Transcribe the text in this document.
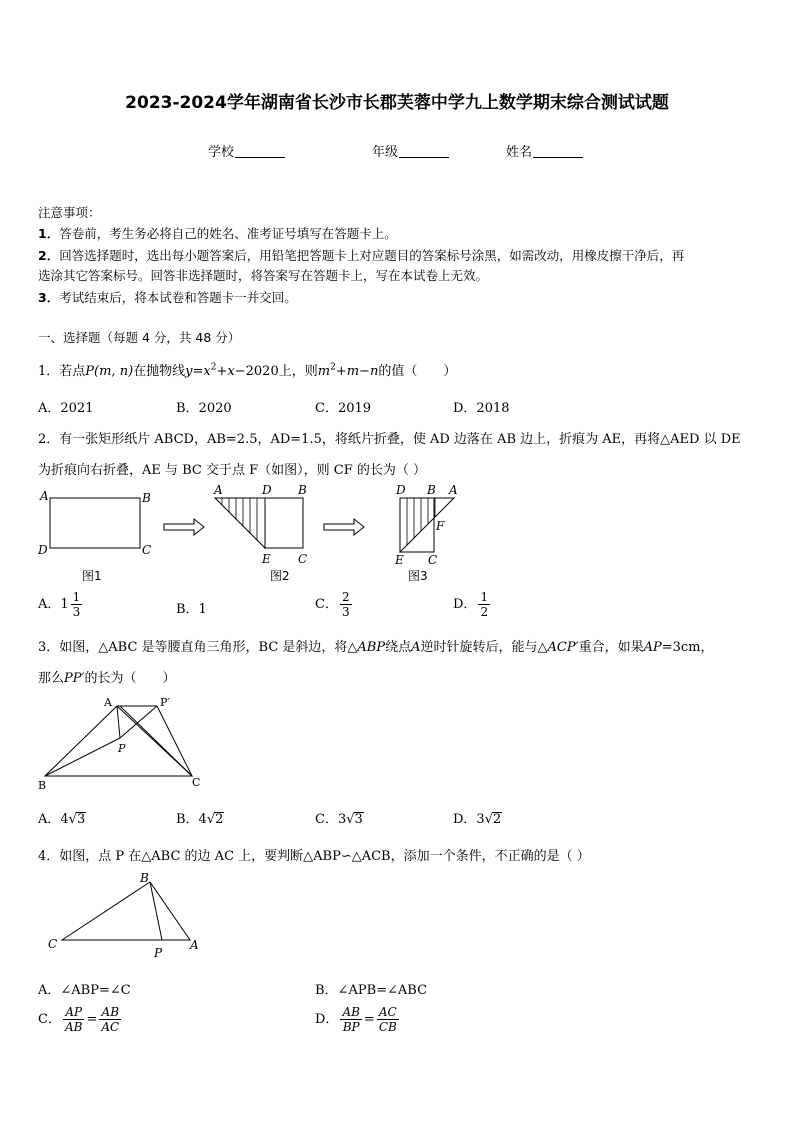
2023-2024学年湖南省长沙市长郡芙蓉中学九上数学期末综合测试试题
学校	年级	姓名
注意事项：
1．答卷前，考生务必将自己的姓名、准考证号填写在答题卡上。
2．回答选择题时，选出每小题答案后，用铅笔把答题卡上对应题目的答案标号涂黑，如需改动，用橡皮擦干净后，再
选涂其它答案标号。回答非选择题时，将答案写在答题卡上，写在本试卷上无效。
3．考试结束后，将本试卷和答题卡一并交回。
一、选择题（每题 4 分，共 48 分）
1．若点P(m, n)在抛物线$y=x^2+x-2020$上，则$m^2+m-n$的值（　　）
A．2021	B．2020	C．2019	D．2018
2．有一张矩形纸片 ABCD，AB=2.5，AD=1.5，将纸片折叠，使 AD 边落在 AB 边上，折痕为 AE，再将△AED 以 DE
为折痕向右折叠，AE 与 BC 交于点 F（如图），则 CF 的长为（ ）
A	B
D	C
图1
A	D B
E C
图2
D B A
F
E C
图3
A．$1 \frac{1}{3}$	B．1	C． $\frac{2}{3}$	D． $\frac{1}{2}$
3．如图，△ABC 是等腰直角三角形，BC 是斜边，将△ABP绕点A逆时针旋转后，能与△ACP′重合，如果AP=3cm，
那么PP′的长为（　　）
A	P′
P
B	C
A．4√3	B．4√2	C．3√3	D．3√2
4．如图，点 P 在△ABC 的边 AC 上，要判断△ABP∽△ACB，添加一个条件，不正确的是（ ）
B
C
P
A
A．∠ABP=∠C	B．∠APB=∠ABC
C． $\frac{AP}{AB} = \frac{AB}{AC}$	D． $\frac{AB}{BP} = \frac{AC}{CB}$
